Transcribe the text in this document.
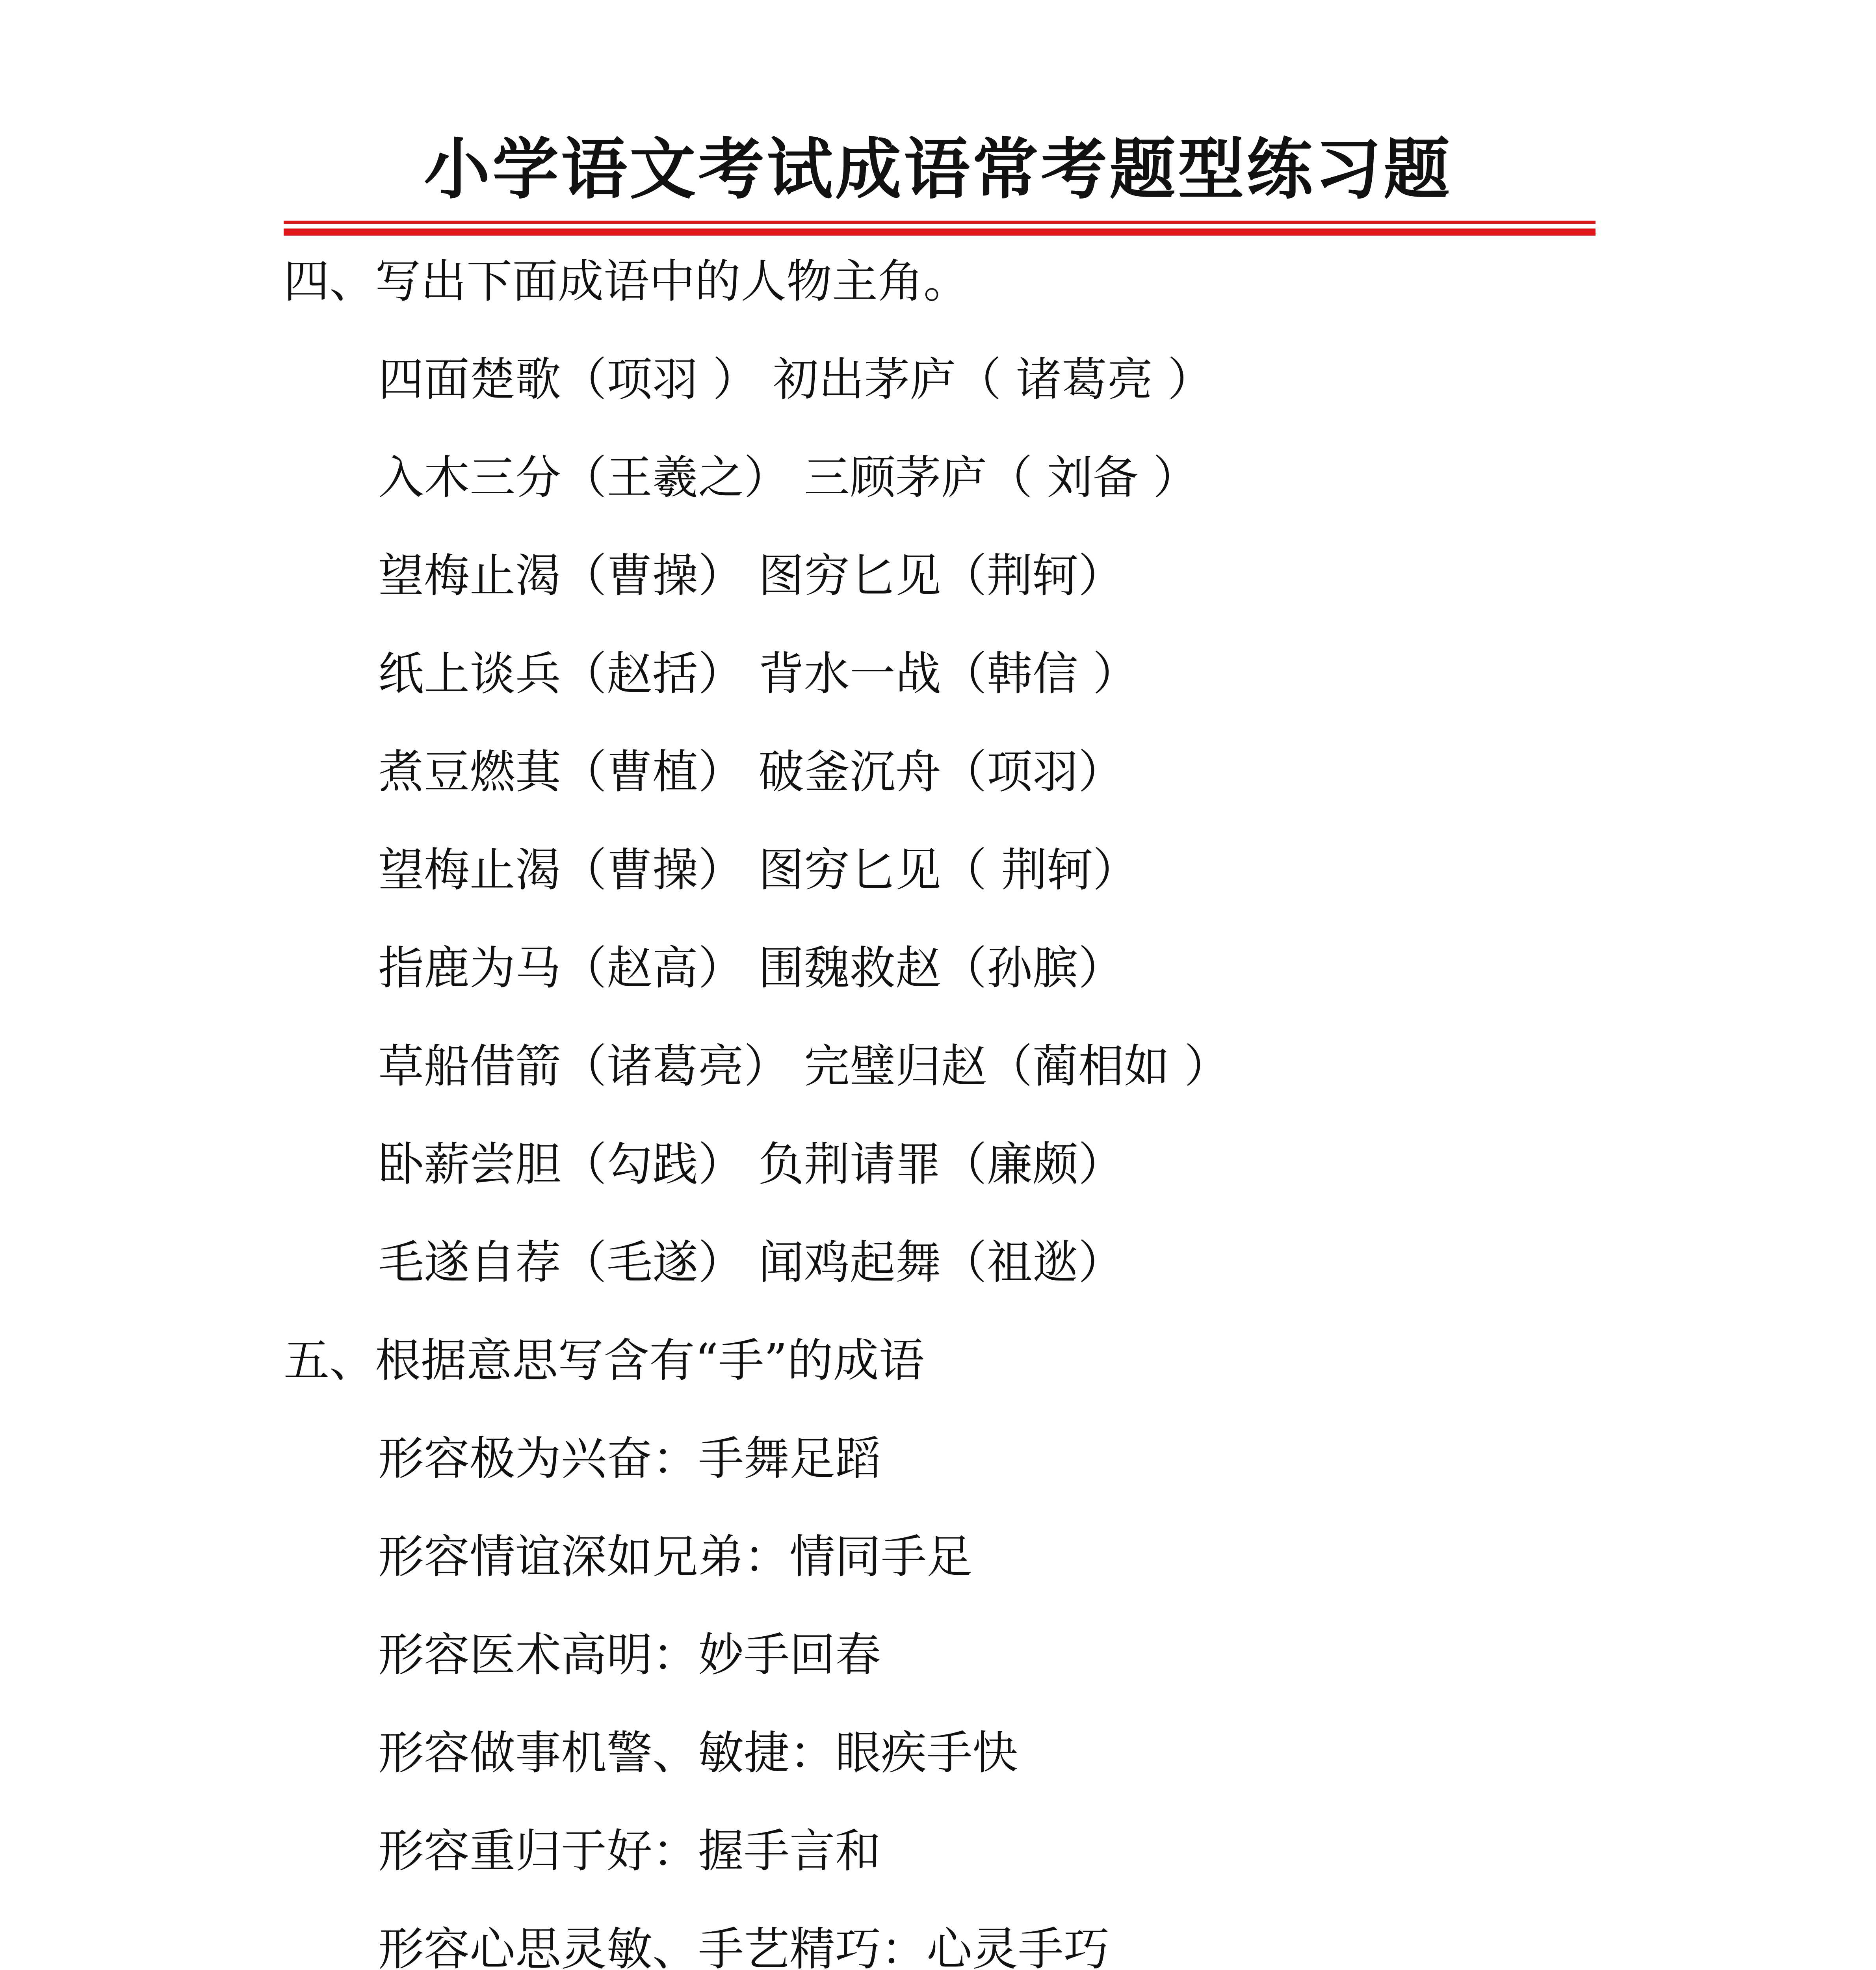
小学语文考试成语常考题型练习题
四、写出下面成语中的人物主角。
四面楚歌（项羽 ） 初出茅庐（ 诸葛亮 ）
入木三分（王羲之） 三顾茅庐（ 刘备 ）
望梅止渴（曹操） 图穷匕见（荆轲）
纸上谈兵（赵括） 背水一战（韩信 ）
煮豆燃萁（曹植） 破釜沉舟（项羽）
望梅止渴（曹操） 图穷匕见（ 荆轲）
指鹿为马（赵高） 围魏救赵（孙膑）
草船借箭（诸葛亮） 完璧归赵（蔺相如 ）
卧薪尝胆（勾践） 负荆请罪（廉颇）
毛遂自荐（毛遂） 闻鸡起舞（祖逖）
五、根据意思写含有“手”的成语
形容极为兴奋：手舞足蹈
形容情谊深如兄弟：情同手足
形容医术高明：妙手回春
形容做事机警、敏捷：眼疾手快
形容重归于好：握手言和
形容心思灵敏、手艺精巧：心灵手巧
